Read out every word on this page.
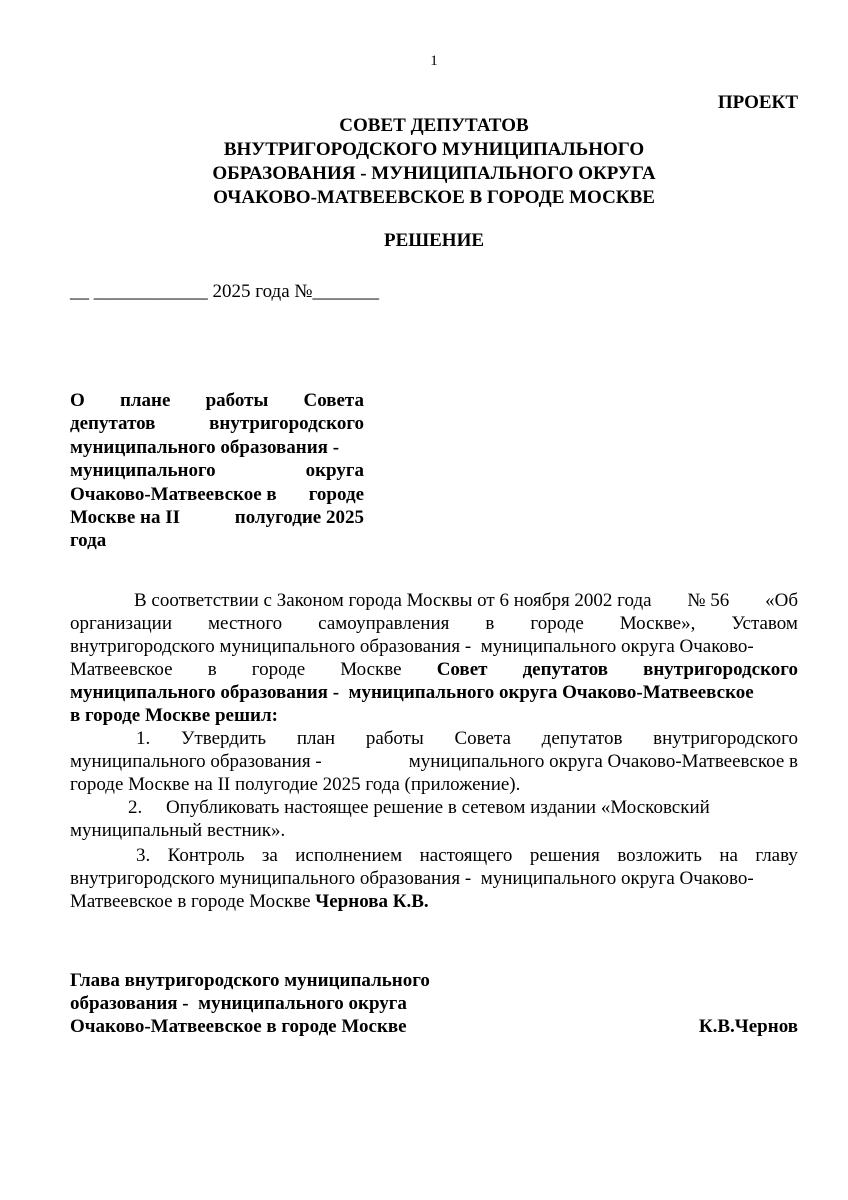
1
ПРОЕКТ
СОВЕТ ДЕПУТАТОВ
ВНУТРИГОРОДСКОГО МУНИЦИПАЛЬНОГО
ОБРАЗОВАНИЯ - МУНИЦИПАЛЬНОГО ОКРУГА
ОЧАКОВО-МАТВЕЕВСКОЕ В ГОРОДЕ МОСКВЕ
РЕШЕНИЕ
__ ____________ 2025 года №_______
О плане работы Совета
депутатов	внутригородского
муниципального образования -
муниципального	округа
Очаково-Матвеевское в городе
Москве на II	полугодие 2025
года
В соответствии с Законом города Москвы от 6 ноября 2002 года № 56 «Об
организации местного самоуправления в городе Москве», Уставом
внутригородского муниципального образования -  муниципального округа Очаково-
Матвеевское в городе Москве Совет депутатов внутригородского
муниципального образования -  муниципального округа Очаково-Матвеевское
в городе Москве решил:
1. Утвердить план работы Совета депутатов внутригородского
муниципального образования -	муниципального округа Очаково-Матвеевское в
городе Москве на II полугодие 2025 года (приложение).
2.     Опубликовать настоящее решение в сетевом издании «Московский
муниципальный вестник».
3. Контроль за исполнением настоящего решения возложить на главу
внутригородского муниципального образования -  муниципального округа Очаково-
Матвеевское в городе Москве Чернова К.В.
Глава внутригородского муниципального
образования -  муниципального округа
Очаково-Матвеевское в городе Москве	К.В.Чернов
